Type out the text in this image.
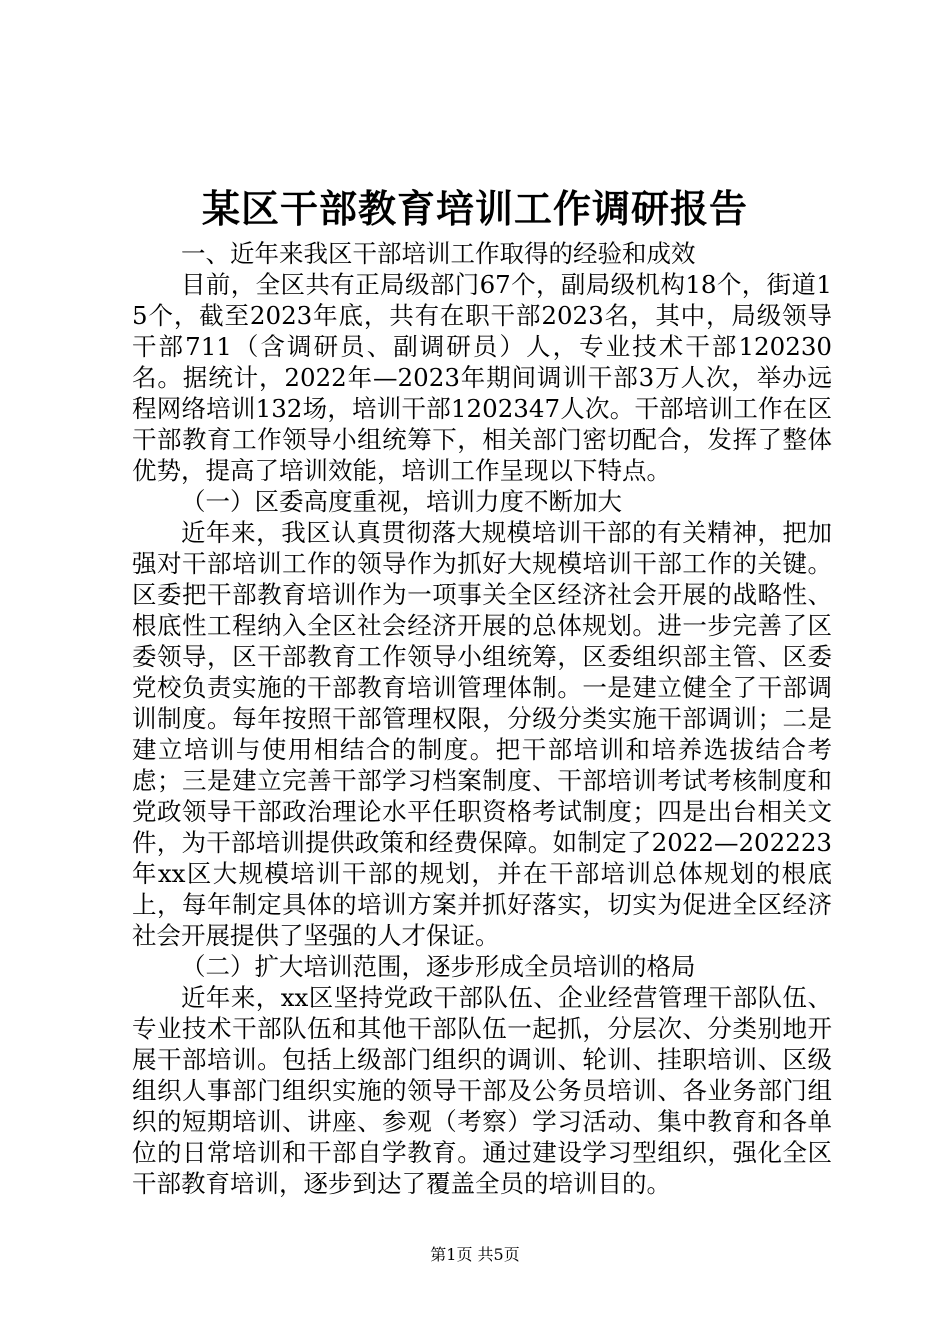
某区干部教育培训工作调研报告

一、近年来我区干部培训工作取得的经验和成效

目前，全区共有正局级部门67个，副局级机构18个，街道15个，截至2023年底，共有在职干部2023名，其中，局级领导干部711（含调研员、副调研员）人，专业技术干部120230名。据统计，2022年—2023年期间调训干部3万人次，举办远程网络培训132场，培训干部1202347人次。干部培训工作在区干部教育工作领导小组统筹下，相关部门密切配合，发挥了整体优势，提高了培训效能，培训工作呈现以下特点。

（一）区委高度重视，培训力度不断加大

近年来，我区认真贯彻落大规模培训干部的有关精神，把加强对干部培训工作的领导作为抓好大规模培训干部工作的关键。区委把干部教育培训作为一项事关全区经济社会开展的战略性、根底性工程纳入全区社会经济开展的总体规划。进一步完善了区委领导，区干部教育工作领导小组统筹，区委组织部主管、区委党校负责实施的干部教育培训管理体制。一是建立健全了干部调训制度。每年按照干部管理权限，分级分类实施干部调训；二是建立培训与使用相结合的制度。把干部培训和培养选拔结合考虑；三是建立完善干部学习档案制度、干部培训考试考核制度和党政领导干部政治理论水平任职资格考试制度；四是出台相关文件，为干部培训提供政策和经费保障。如制定了2022—202223年xx区大规模培训干部的规划，并在干部培训总体规划的根底上，每年制定具体的培训方案并抓好落实，切实为促进全区经济社会开展提供了坚强的人才保证。

（二）扩大培训范围，逐步形成全员培训的格局

近年来，xx区坚持党政干部队伍、企业经营管理干部队伍、专业技术干部队伍和其他干部队伍一起抓，分层次、分类别地开展干部培训。包括上级部门组织的调训、轮训、挂职培训、区级组织人事部门组织实施的领导干部及公务员培训、各业务部门组织的短期培训、讲座、参观（考察）学习活动、集中教育和各单位的日常培训和干部自学教育。通过建设学习型组织，强化全区干部教育培训，逐步到达了覆盖全员的培训目的。

第1页 共5页
